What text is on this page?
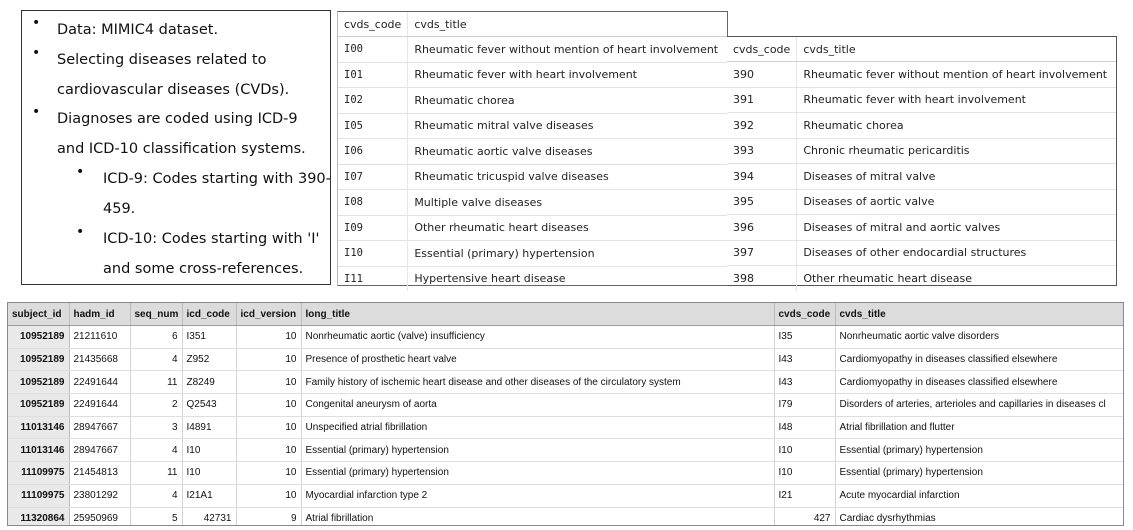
• Data: MIMIC4 dataset.
• Selecting diseases related to cardiovascular diseases (CVDs).
• Diagnoses are coded using ICD-9 and ICD-10 classification systems.
• ICD-9: Codes starting with 390-459.
• ICD-10: Codes starting with 'I' and some cross-references.
cvds_code	cvds_title
I00	Rheumatic fever without mention of heart involvement
I01	Rheumatic fever with heart involvement
I02	Rheumatic chorea
I05	Rheumatic mitral valve diseases
I06	Rheumatic aortic valve diseases
I07	Rheumatic tricuspid valve diseases
I08	Multiple valve diseases
I09	Other rheumatic heart diseases
I10	Essential (primary) hypertension
I11	Hypertensive heart disease
cvds_code	cvds_title
390	Rheumatic fever without mention of heart involvement
391	Rheumatic fever with heart involvement
392	Rheumatic chorea
393	Chronic rheumatic pericarditis
394	Diseases of mitral valve
395	Diseases of aortic valve
396	Diseases of mitral and aortic valves
397	Diseases of other endocardial structures
398	Other rheumatic heart disease
subject_id	hadm_id	seq_num	icd_code	icd_version	long_title	cvds_code	cvds_title
10952189	21211610	6	I351	10	Nonrheumatic aortic (valve) insufficiency	I35	Nonrheumatic aortic valve disorders
10952189	21435668	4	Z952	10	Presence of prosthetic heart valve	I43	Cardiomyopathy in diseases classified elsewhere
10952189	22491644	11	Z8249	10	Family history of ischemic heart disease and other diseases of the circulatory system	I43	Cardiomyopathy in diseases classified elsewhere
10952189	22491644	2	Q2543	10	Congenital aneurysm of aorta	I79	Disorders of arteries, arterioles and capillaries in diseases cl
11013146	28947667	3	I4891	10	Unspecified atrial fibrillation	I48	Atrial fibrillation and flutter
11013146	28947667	4	I10	10	Essential (primary) hypertension	I10	Essential (primary) hypertension
11109975	21454813	11	I10	10	Essential (primary) hypertension	I10	Essential (primary) hypertension
11109975	23801292	4	I21A1	10	Myocardial infarction type 2	I21	Acute myocardial infarction
11320864	25950969	5	42731	9	Atrial fibrillation	427	Cardiac dysrhythmias
